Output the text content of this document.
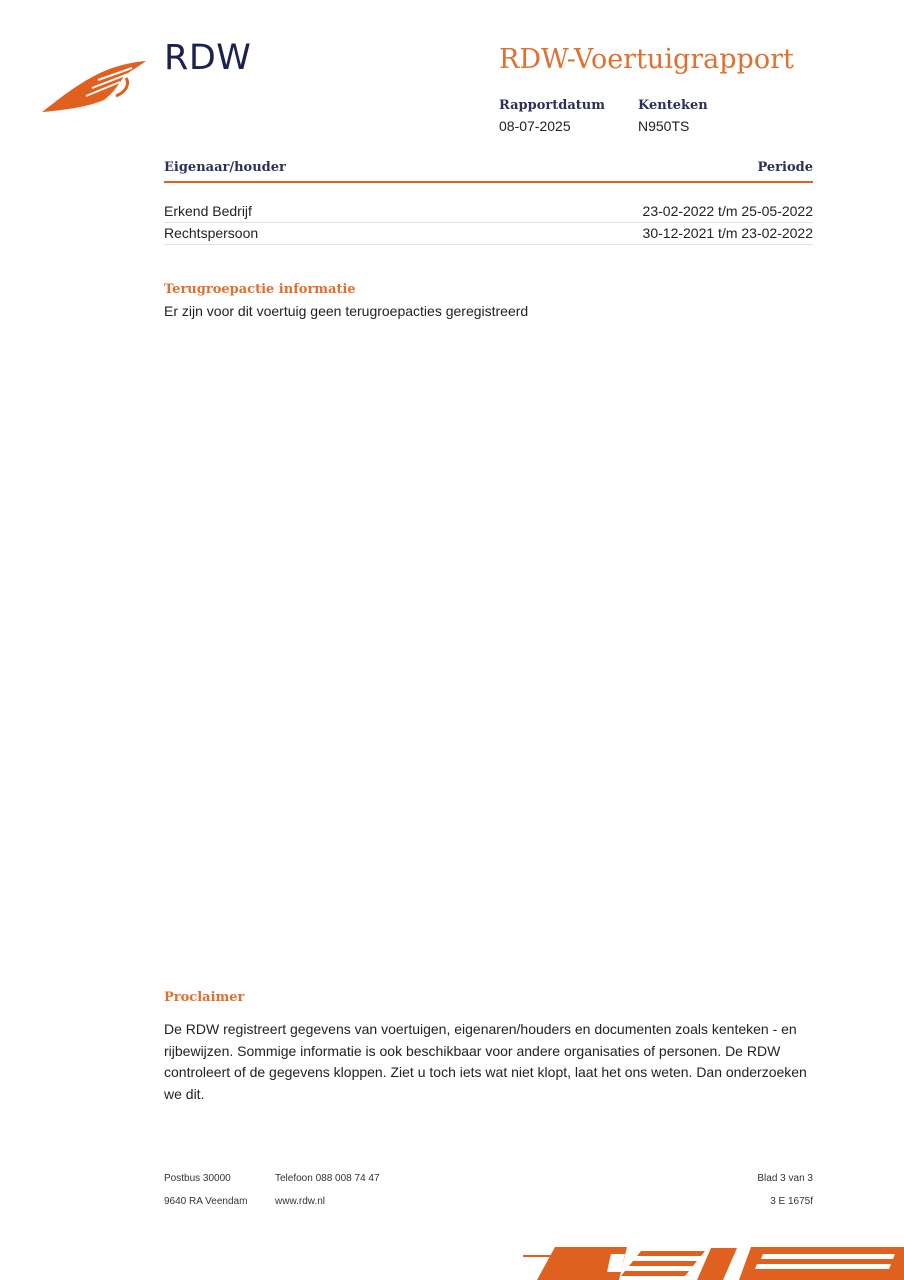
RDW	RDW-Voertuigrapport
Rapportdatum
08-07-2025
Kenteken
N950TS
Eigenaar/houder	Periode
Erkend Bedrijf	23-02-2022 t/m 25-05-2022
Rechtspersoon	30-12-2021 t/m 23-02-2022
Terugroepactie informatie
Er zijn voor dit voertuig geen terugroepacties geregistreerd
Proclaimer
De RDW registreert gegevens van voertuigen, eigenaren/houders en documenten zoals kenteken - en rijbewijzen. Sommige informatie is ook beschikbaar voor andere organisaties of personen. De RDW controleert of de gegevens kloppen. Ziet u toch iets wat niet klopt, laat het ons weten. Dan onderzoeken we dit.
Postbus 30000
9640 RA Veendam
Telefoon 088 008 74 47
www.rdw.nl
Blad 3 van 3
3 E 1675f
